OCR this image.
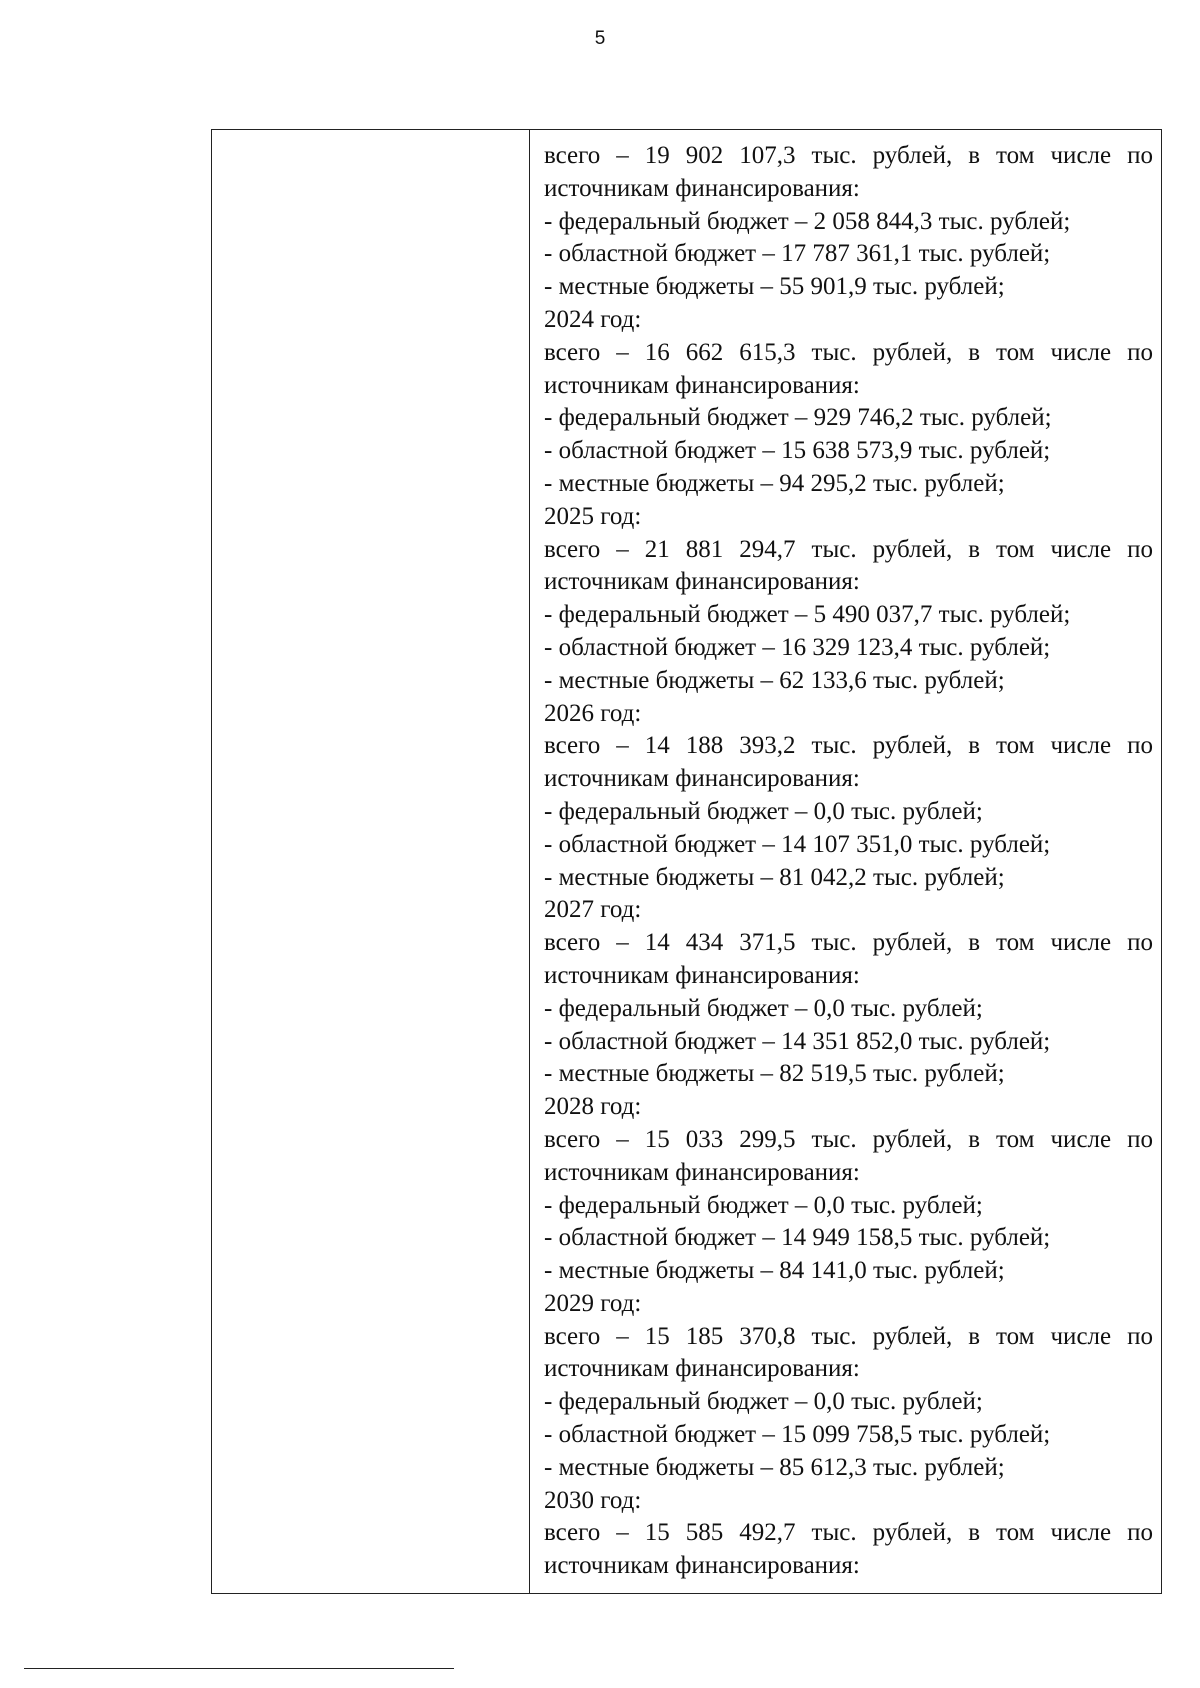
5
всего – 19 902 107,3 тыс. рублей, в том числе по
источникам финансирования:
- федеральный бюджет – 2 058 844,3 тыс. рублей;
- областной бюджет – 17 787 361,1 тыс. рублей;
- местные бюджеты – 55 901,9 тыс. рублей;
2024 год:
всего – 16 662 615,3 тыс. рублей, в том числе по
источникам финансирования:
- федеральный бюджет – 929 746,2 тыс. рублей;
- областной бюджет – 15 638 573,9 тыс. рублей;
- местные бюджеты – 94 295,2 тыс. рублей;
2025 год:
всего – 21 881 294,7 тыс. рублей, в том числе по
источникам финансирования:
- федеральный бюджет – 5 490 037,7 тыс. рублей;
- областной бюджет – 16 329 123,4 тыс. рублей;
- местные бюджеты – 62 133,6 тыс. рублей;
2026 год:
всего – 14 188 393,2 тыс. рублей, в том числе по
источникам финансирования:
- федеральный бюджет – 0,0 тыс. рублей;
- областной бюджет – 14 107 351,0 тыс. рублей;
- местные бюджеты – 81 042,2 тыс. рублей;
2027 год:
всего – 14 434 371,5 тыс. рублей, в том числе по
источникам финансирования:
- федеральный бюджет – 0,0 тыс. рублей;
- областной бюджет – 14 351 852,0 тыс. рублей;
- местные бюджеты – 82 519,5 тыс. рублей;
2028 год:
всего – 15 033 299,5 тыс. рублей, в том числе по
источникам финансирования:
- федеральный бюджет – 0,0 тыс. рублей;
- областной бюджет – 14 949 158,5 тыс. рублей;
- местные бюджеты – 84 141,0 тыс. рублей;
2029 год:
всего – 15 185 370,8 тыс. рублей, в том числе по
источникам финансирования:
- федеральный бюджет – 0,0 тыс. рублей;
- областной бюджет – 15 099 758,5 тыс. рублей;
- местные бюджеты – 85 612,3 тыс. рублей;
2030 год:
всего – 15 585 492,7 тыс. рублей, в том числе по
источникам финансирования:
